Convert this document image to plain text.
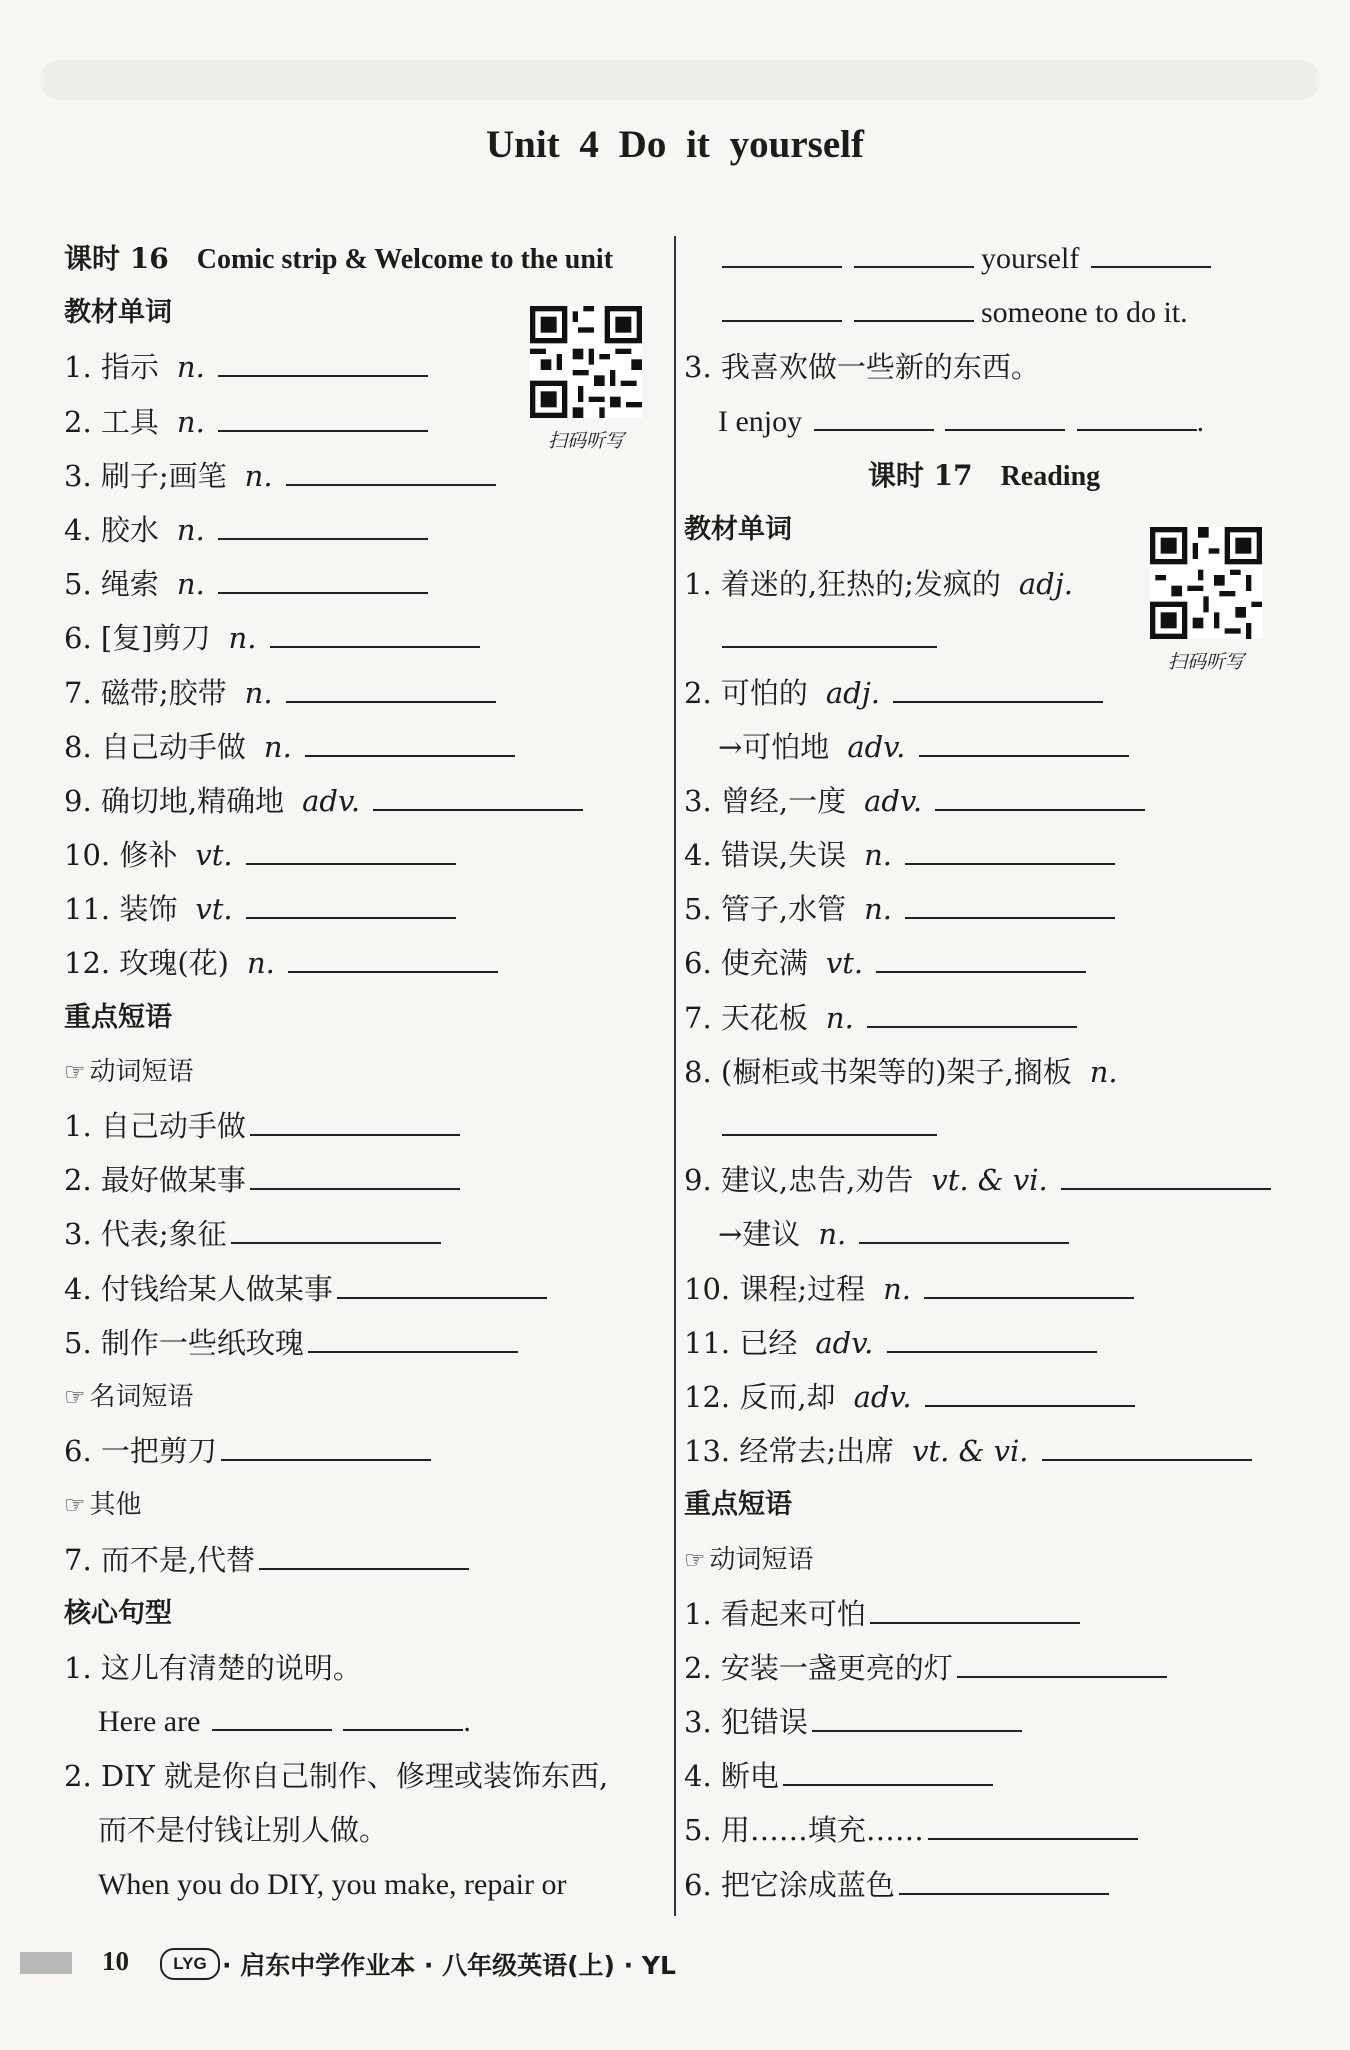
Unit 4 Do it yourself
课时 16  Comic strip & Welcome to the unit
教材单词
1. 指示 n.
2. 工具 n.
3. 刷子;画笔 n.
4. 胶水 n.
5. 绳索 n.
6. [复]剪刀 n.
7. 磁带;胶带 n.
8. 自己动手做 n.
9. 确切地,精确地 adv.
10. 修补 vt.
11. 装饰 vt.
12. 玫瑰(花) n.
重点短语
☞ 动词短语
1. 自己动手做
2. 最好做某事
3. 代表;象征
4. 付钱给某人做某事
5. 制作一些纸玫瑰
☞ 名词短语
6. 一把剪刀
☞ 其他
7. 而不是,代替
核心句型
1. 这儿有清楚的说明。
Here are	.
2. DIY 就是你自己制作、修理或装饰东西,
而不是付钱让别人做。
When you do DIY, you make, repair or
yourself
someone to do it.
3. 我喜欢做一些新的东西。
I enjoy	.
课时 17  Reading
教材单词
1. 着迷的,狂热的;发疯的 adj.
2. 可怕的 adj.
→可怕地 adv.
3. 曾经,一度 adv.
4. 错误,失误 n.
5. 管子,水管 n.
6. 使充满 vt.
7. 天花板 n.
8. (橱柜或书架等的)架子,搁板 n.
9. 建议,忠告,劝告 vt. & vi.
→建议 n.
10. 课程;过程 n.
11. 已经 adv.
12. 反而,却 adv.
13. 经常去;出席 vt. & vi.
重点短语
☞ 动词短语
1. 看起来可怕
2. 安装一盏更亮的灯
3. 犯错误
4. 断电
5. 用……填充……
6. 把它涂成蓝色
扫码听写
扫码听写
10	LYG · 启东中学作业本 · 八年级英语(上) · YL
